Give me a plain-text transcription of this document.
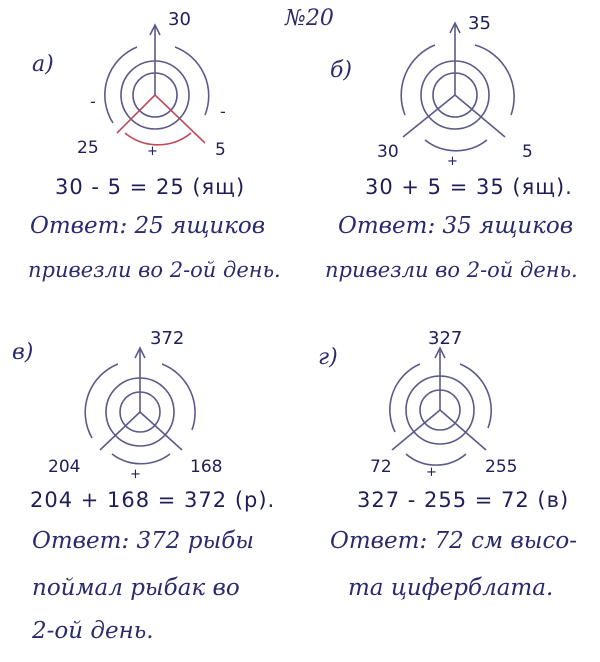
№20
а)
30
25	5
-
-
+
30 - 5 = 25 (ящ)
Ответ: 25 ящиков
привезли во 2-ой день.
б)
35
30	5
+
30 + 5 = 35 (ящ).
Ответ: 35 ящиков
привезли во 2-ой день.
в)
372
204	168
+
204 + 168 = 372 (р).
Ответ: 372 рыбы
поймал рыбак во
2-ой день.
г)
327
72	255
+
327 - 255 = 72 (в)
Ответ: 72 см высо-
та циферблата.
